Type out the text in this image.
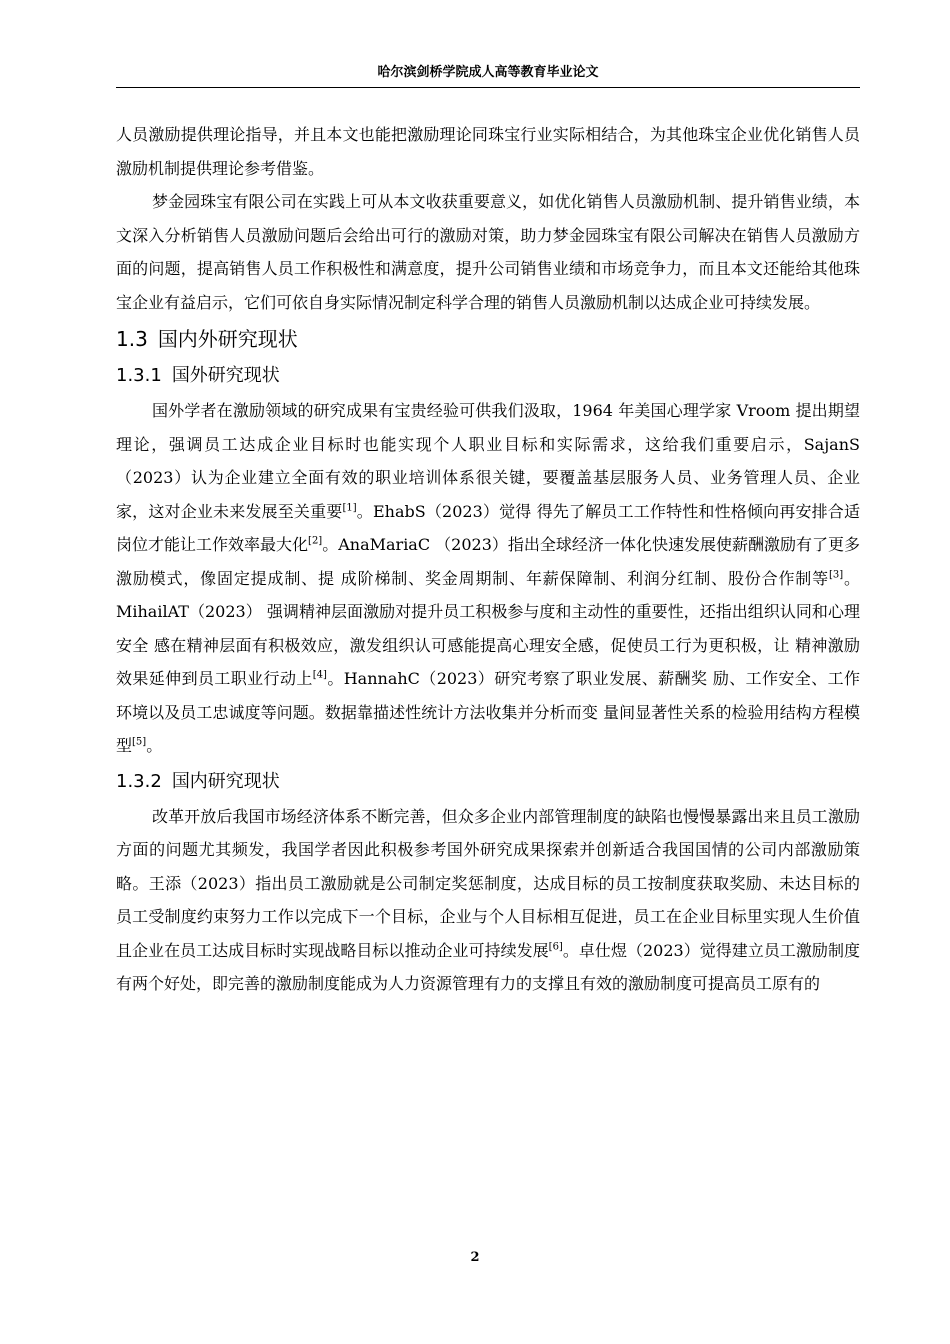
哈尔滨剑桥学院成人高等教育毕业论文

人员激励提供理论指导，并且本文也能把激励理论同珠宝行业实际相结合，为其他珠宝企业优化销售人员激励机制提供理论参考借鉴。

梦金园珠宝有限公司在实践上可从本文收获重要意义，如优化销售人员激励机制、提升销售业绩，本文深入分析销售人员激励问题后会给出可行的激励对策，助力梦金园珠宝有限公司解决在销售人员激励方面的问题，提高销售人员工作积极性和满意度，提升公司销售业绩和市场竞争力，而且本文还能给其他珠宝企业有益启示，它们可依自身实际情况制定科学合理的销售人员激励机制以达成企业可持续发展。

1.3 国内外研究现状
1.3.1 国外研究现状

国外学者在激励领域的研究成果有宝贵经验可供我们汲取，1964 年美国心理学家 Vroom 提出期望理论，强调员工达成企业目标时也能实现个人职业目标和实际需求，这给我们重要启示，SajanS（2023）认为企业建立全面有效的职业培训体系很关键，要覆盖基层服务人员、业务管理人员、企业家，这对企业未来发展至关重要[1]。EhabS（2023）觉得 得先了解员工工作特性和性格倾向再安排合适岗位才能让工作效率最大化[2]。AnaMariaC （2023）指出全球经济一体化快速发展使薪酬激励有了更多激励模式，像固定提成制、提 成阶梯制、奖金周期制、年薪保障制、利润分红制、股份合作制等[3]。MihailAT（2023） 强调精神层面激励对提升员工积极参与度和主动性的重要性，还指出组织认同和心理安全 感在精神层面有积极效应，激发组织认可感能提高心理安全感，促使员工行为更积极，让 精神激励效果延伸到员工职业行动上[4]。HannahC（2023）研究考察了职业发展、薪酬奖 励、工作安全、工作环境以及员工忠诚度等问题。数据靠描述性统计方法收集并分析而变 量间显著性关系的检验用结构方程模型[5]。

1.3.2 国内研究现状

改革开放后我国市场经济体系不断完善，但众多企业内部管理制度的缺陷也慢慢暴露出来且员工激励方面的问题尤其频发，我国学者因此积极参考国外研究成果探索并创新适合我国国情的公司内部激励策略。王添（2023）指出员工激励就是公司制定奖惩制度，达成目标的员工按制度获取奖励、未达目标的员工受制度约束努力工作以完成下一个目标，企业与个人目标相互促进，员工在企业目标里实现人生价值且企业在员工达成目标时实现战略目标以推动企业可持续发展[6]。卓仕煜（2023）觉得建立员工激励制度有两个好处，即完善的激励制度能成为人力资源管理有力的支撑且有效的激励制度可提高员工原有的

2
